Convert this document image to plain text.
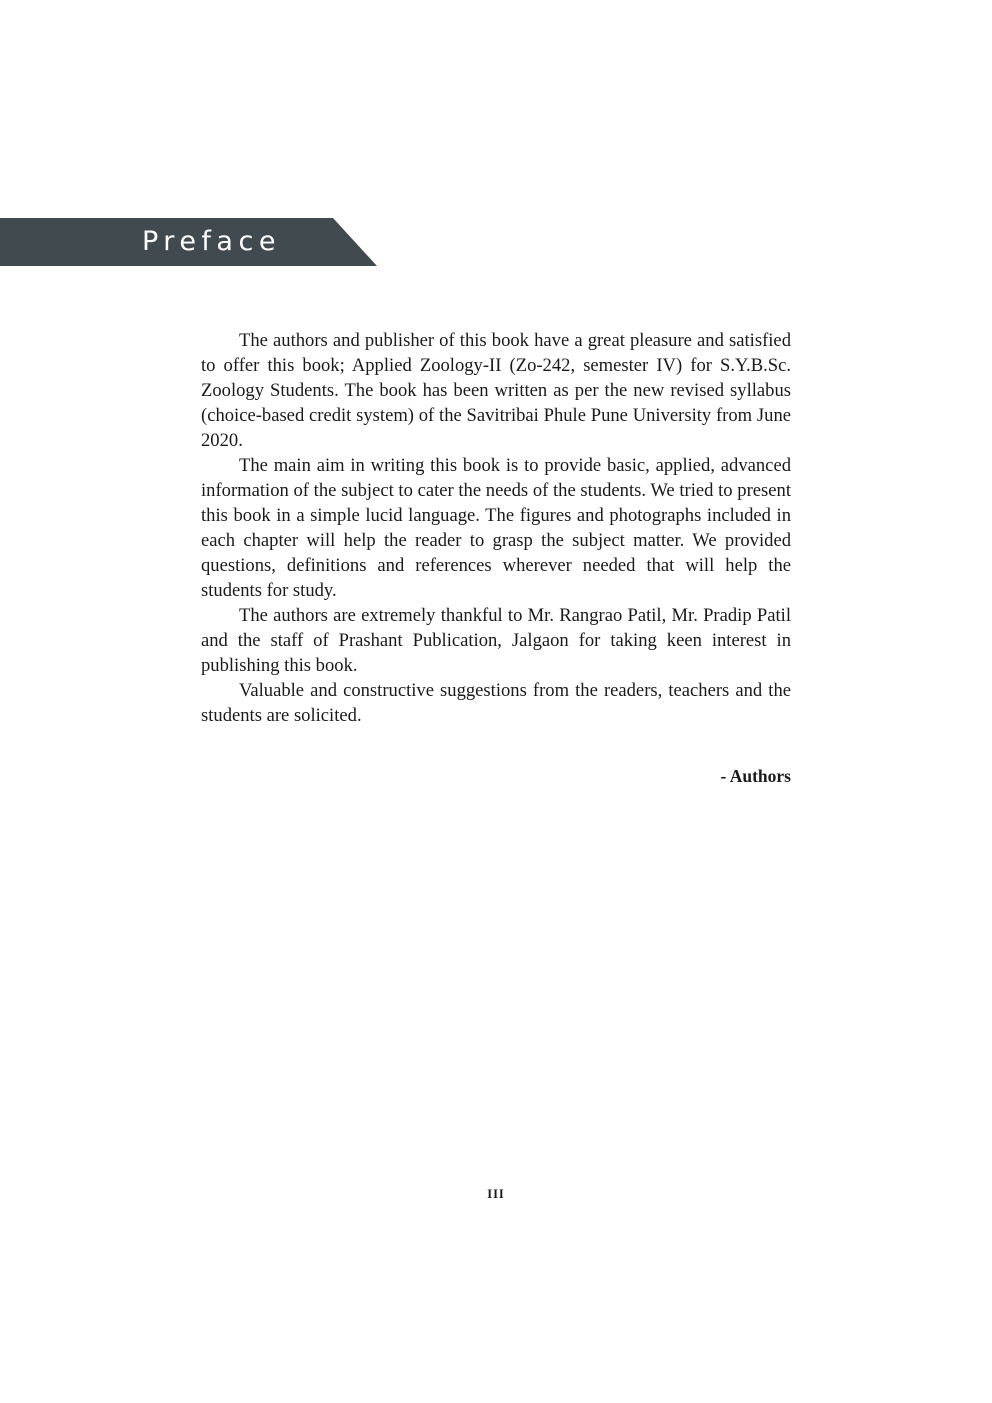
Preface

The authors and publisher of this book have a great pleasure and satisfied to offer this book; Applied Zoology-II (Zo-242, semester IV) for S.Y.B.Sc. Zoology Students. The book has been written as per the new revised syllabus (choice-based credit system) of the Savitribai Phule Pune University from June 2020.

The main aim in writing this book is to provide basic, applied, advanced information of the subject to cater the needs of the students. We tried to present this book in a simple lucid language. The figures and photographs included in each chapter will help the reader to grasp the subject matter. We provided questions, definitions and references wherever needed that will help the students for study.

The authors are extremely thankful to Mr. Rangrao Patil, Mr. Pradip Patil and the staff of Prashant Publication, Jalgaon for taking keen interest in publishing this book.

Valuable and constructive suggestions from the readers, teachers and the students are solicited.

- Authors
III
